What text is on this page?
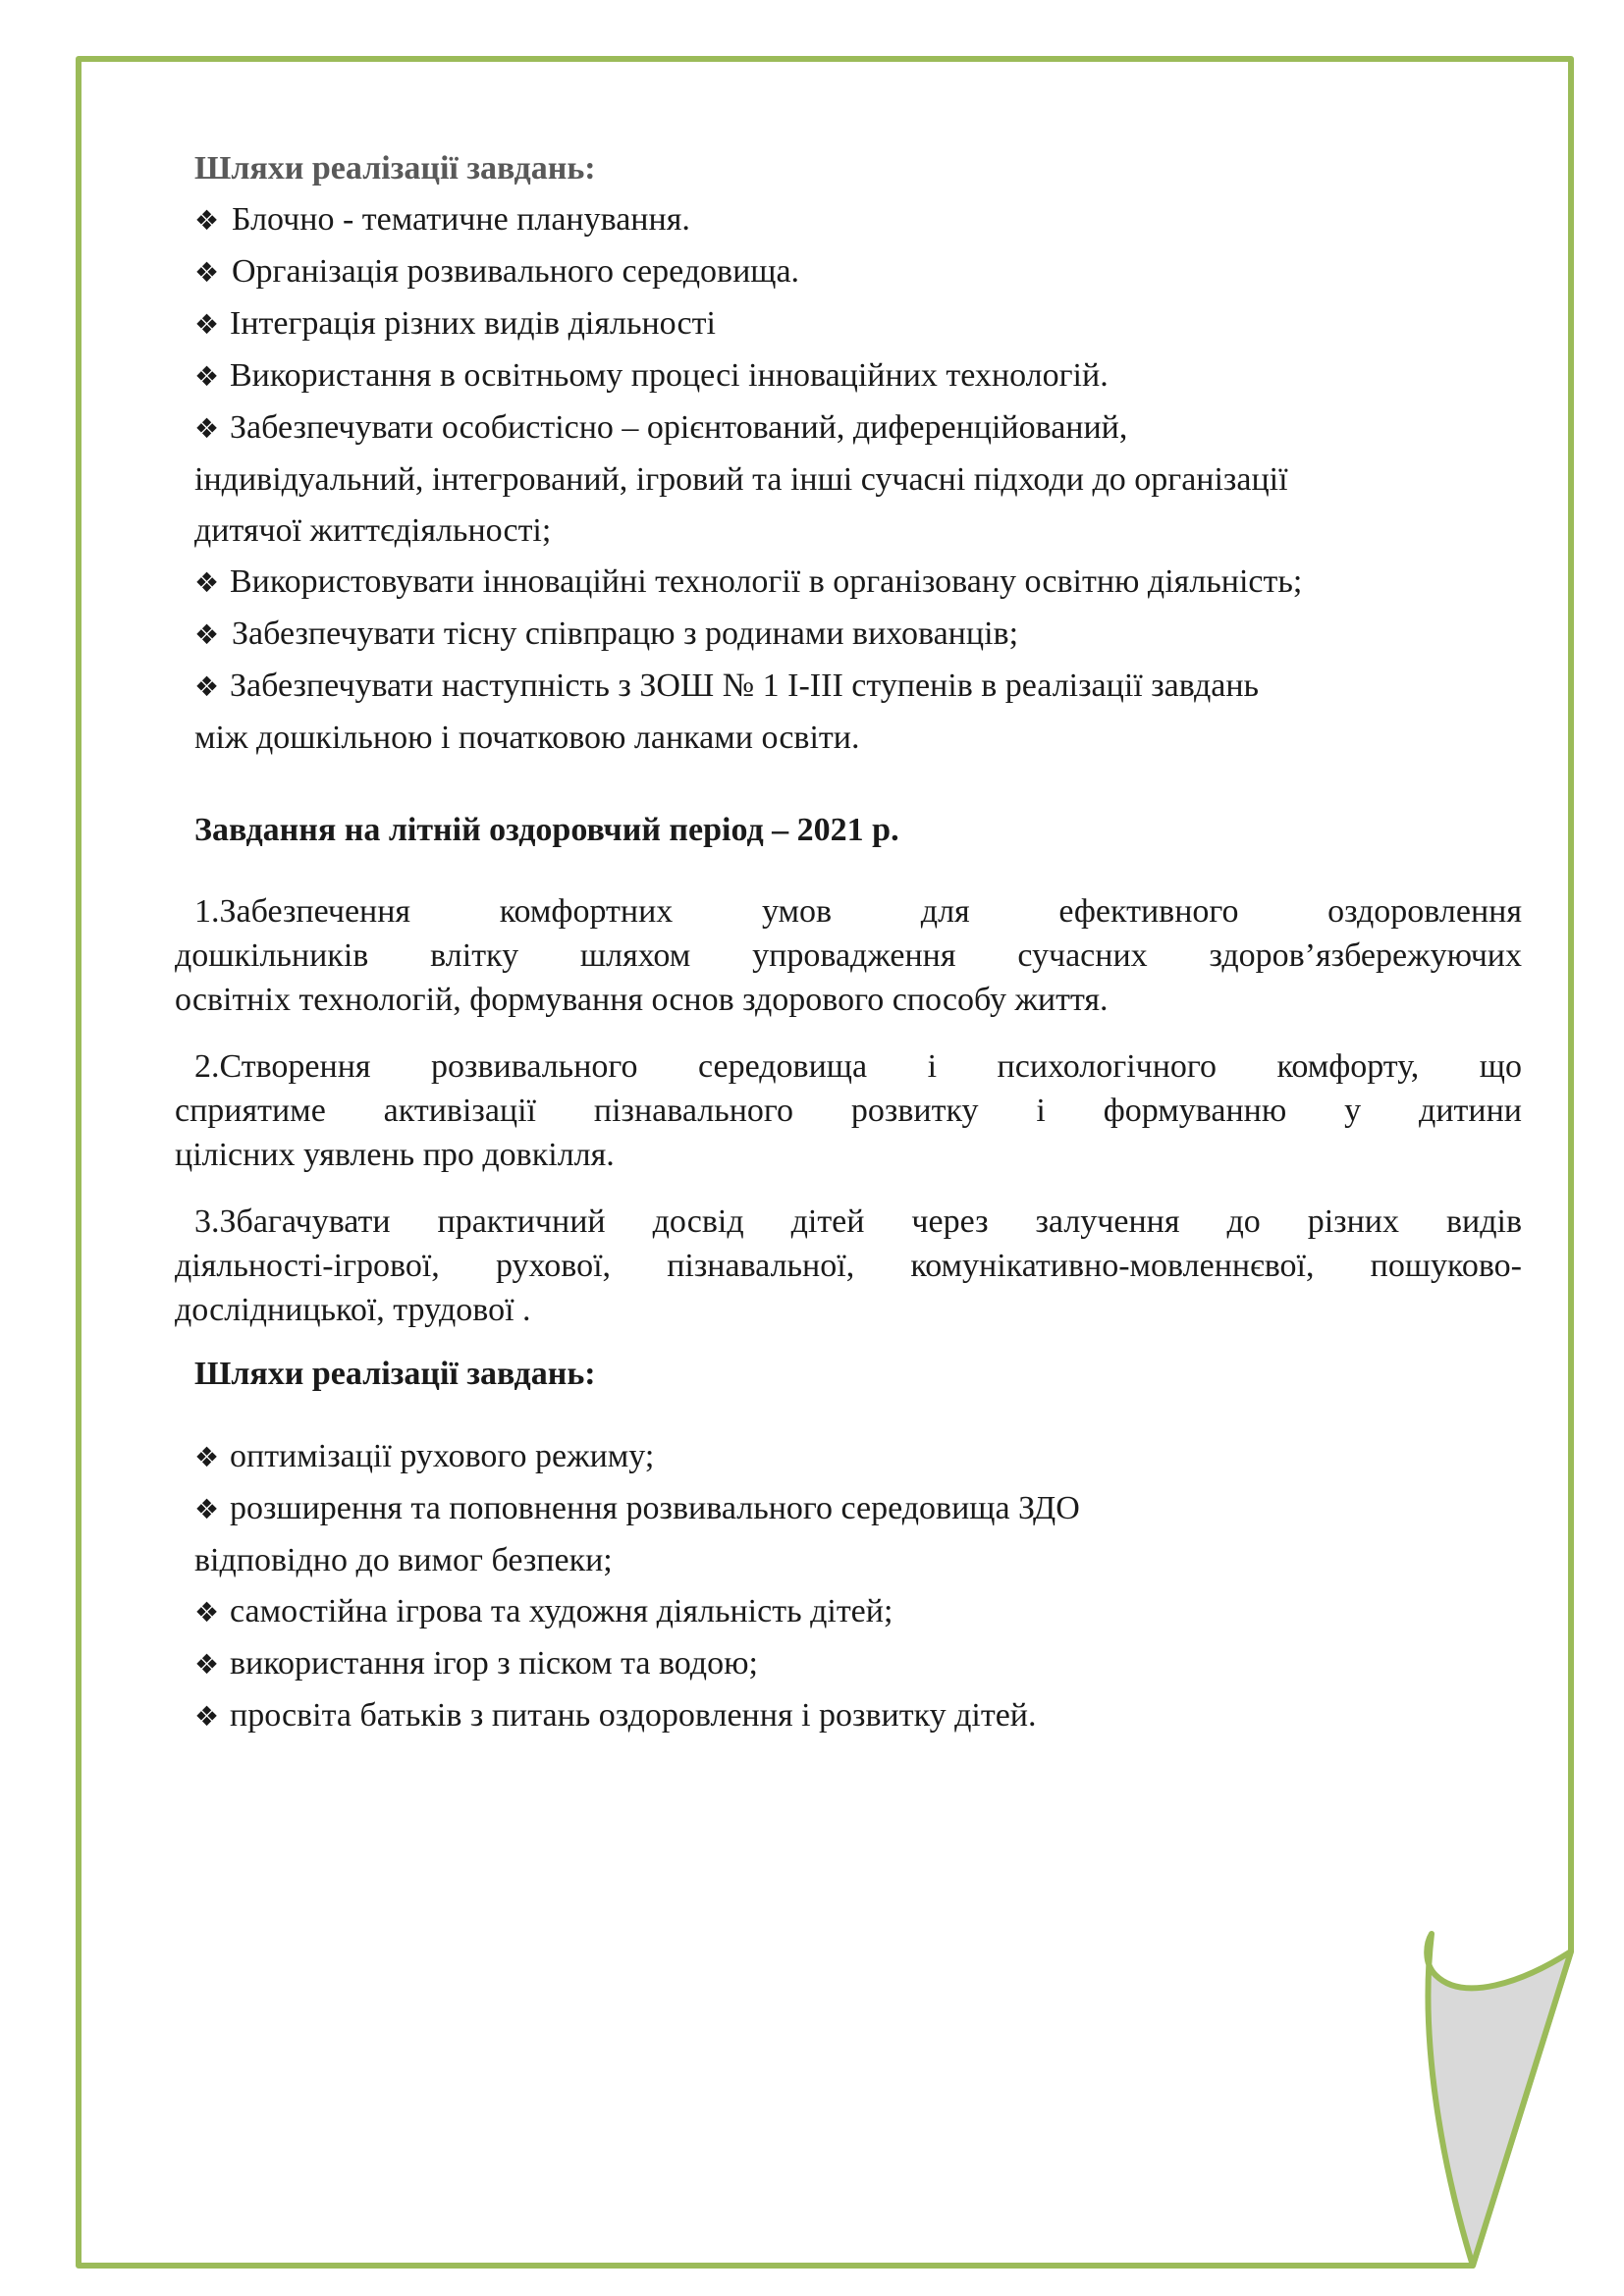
Шляхи реалізації завдань:
❖ Блочно - тематичне планування.
❖ Організація розвивального середовища.
❖ Інтеграція різних видів діяльності
❖ Використання в освітньому процесі інноваційних технологій.
❖ Забезпечувати особистісно – орієнтований, диференційований,
індивідуальний, інтегрований, ігровий та інші сучасні підходи до організації
дитячої життєдіяльності;
❖ Використовувати інноваційні технології в організовану освітню діяльність;
❖ Забезпечувати тісну співпрацю з родинами вихованців;
❖ Забезпечувати наступність з ЗОШ № 1 І-ІІІ ступенів в реалізації завдань
між дошкільною і початковою ланками освіти.
Завдання на літній оздоровчий період – 2021 р.
1.Забезпечення комфортних умов для ефективного оздоровлення
дошкільників влітку шляхом упровадження сучасних здоров’язбережуючих
освітніх технологій, формування основ здорового способу життя.
2.Створення розвивального середовища і психологічного комфорту, що
сприятиме активізації пізнавального розвитку і формуванню у дитини
цілісних уявлень про довкілля.
3.Збагачувати практичний досвід дітей через залучення до різних видів
діяльності-ігрової, рухової, пізнавальної, комунікативно-мовленнєвої, пошуково-
дослідницької, трудової .
Шляхи реалізації завдань:
❖ оптимізації рухового режиму;
❖ розширення та поповнення розвивального середовища ЗДО
відповідно до вимог безпеки;
❖ самостійна ігрова та художня діяльність дітей;
❖ використання ігор з піском та водою;
❖ просвіта батьків з питань оздоровлення і розвитку дітей.
